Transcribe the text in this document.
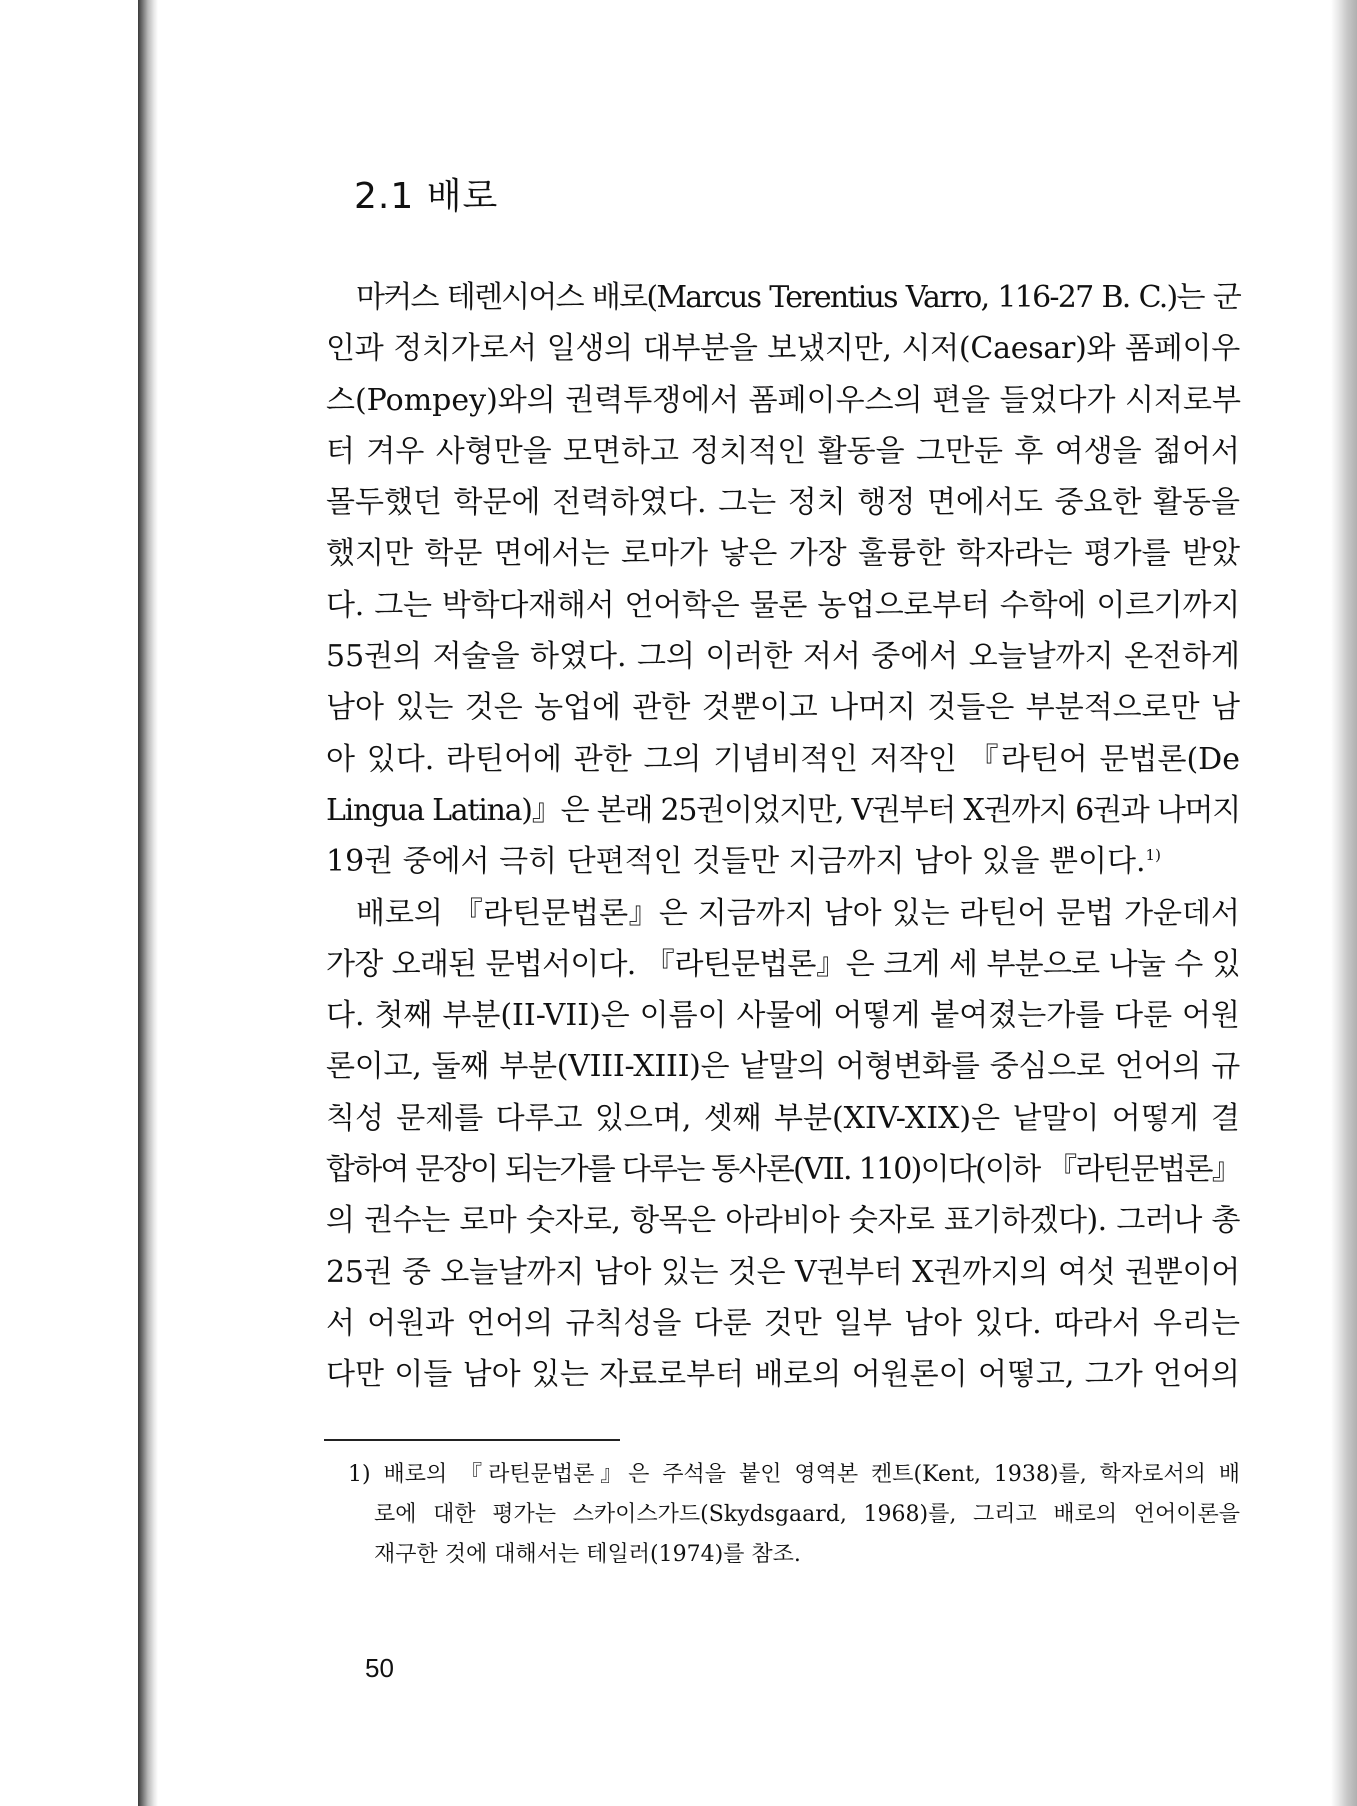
2.1 배로
마커스 테렌시어스 배로(Marcus Terentius Varro, 116-27 B. C.)는 군
인과 정치가로서 일생의 대부분을 보냈지만, 시저(Caesar)와 폼페이우
스(Pompey)와의 권력투쟁에서 폼페이우스의 편을 들었다가 시저로부
터 겨우 사형만을 모면하고 정치적인 활동을 그만둔 후 여생을 젊어서
몰두했던 학문에 전력하였다. 그는 정치 행정 면에서도 중요한 활동을
했지만 학문 면에서는 로마가 낳은 가장 훌륭한 학자라는 평가를 받았
다. 그는 박학다재해서 언어학은 물론 농업으로부터 수학에 이르기까지
55권의 저술을 하였다. 그의 이러한 저서 중에서 오늘날까지 온전하게
남아 있는 것은 농업에 관한 것뿐이고 나머지 것들은 부분적으로만 남
아 있다. 라틴어에 관한 그의 기념비적인 저작인 『라틴어 문법론(De
Lingua Latina)』은 본래 25권이었지만, V권부터 X권까지 6권과 나머지
19권 중에서 극히 단편적인 것들만 지금까지 남아 있을 뿐이다.$^{1)}$
배로의 『라틴문법론』은 지금까지 남아 있는 라틴어 문법 가운데서
가장 오래된 문법서이다. 『라틴문법론』은 크게 세 부분으로 나눌 수 있
다. 첫째 부분(II-VII)은 이름이 사물에 어떻게 붙여졌는가를 다룬 어원
론이고, 둘째 부분(VIII-XIII)은 낱말의 어형변화를 중심으로 언어의 규
칙성 문제를 다루고 있으며, 셋째 부분(XIV-XIX)은 낱말이 어떻게 결
합하여 문장이 되는가를 다루는 통사론(VII. 110)이다(이하 『라틴문법론』
의 권수는 로마 숫자로, 항목은 아라비아 숫자로 표기하겠다). 그러나 총
25권 중 오늘날까지 남아 있는 것은 V권부터 X권까지의 여섯 권뿐이어
서 어원과 언어의 규칙성을 다룬 것만 일부 남아 있다. 따라서 우리는
다만 이들 남아 있는 자료로부터 배로의 어원론이 어떻고, 그가 언어의
1) 배로의 『라틴문법론』은 주석을 붙인 영역본 켄트(Kent, 1938)를, 학자로서의 배
로에 대한 평가는 스카이스가드(Skydsgaard, 1968)를, 그리고 배로의 언어이론을
재구한 것에 대해서는 테일러(1974)를 참조.
50
